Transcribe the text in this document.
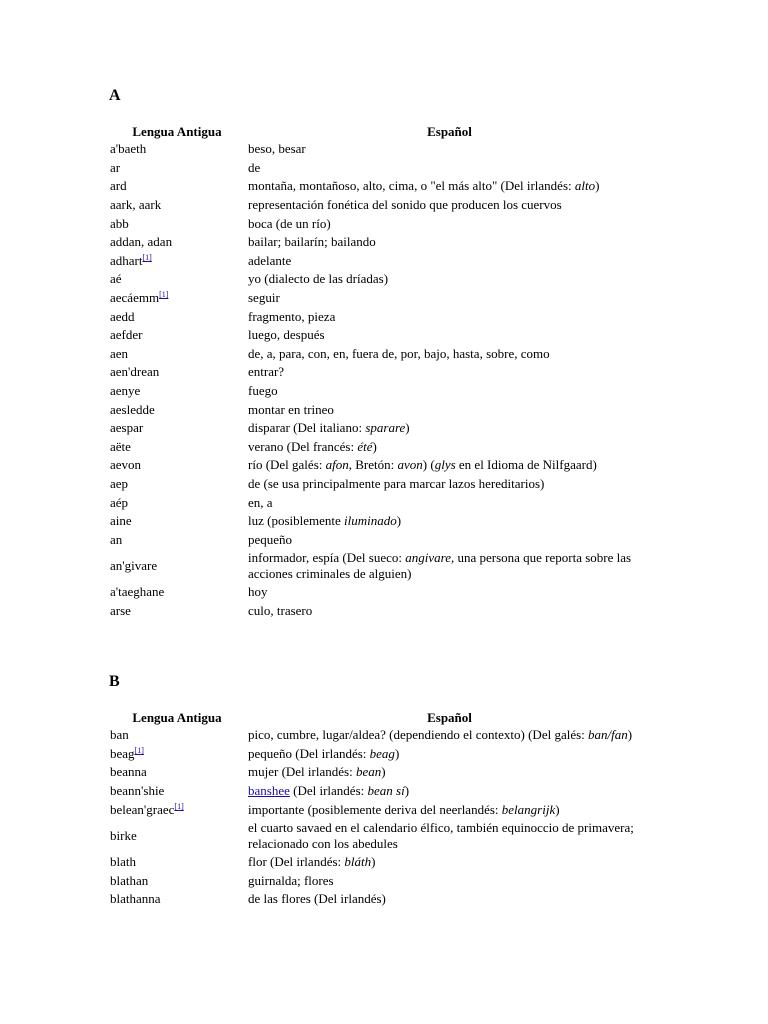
A
Lengua Antigua	Español
a'baeth	beso, besar
ar	de
ard	montaña, montañoso, alto, cima, o "el más alto" (Del irlandés: alto)
aark, aark	representación fonética del sonido que producen los cuervos
abb	boca (de un río)
addan, adan	bailar; bailarín; bailando
adhart[1]	adelante
aé	yo (dialecto de las dríadas)
aecáemm[1]	seguir
aedd	fragmento, pieza
aefder	luego, después
aen	de, a, para, con, en, fuera de, por, bajo, hasta, sobre, como
aen'drean	entrar?
aenye	fuego
aesledde	montar en trineo
aespar	disparar (Del italiano: sparare)
aëte	verano (Del francés: été)
aevon	río (Del galés: afon, Bretón: avon) (glys en el Idioma de Nilfgaard)
aep	de (se usa principalmente para marcar lazos hereditarios)
aép	en, a
aine	luz (posiblemente iluminado)
an	pequeño
an'givare	informador, espía (Del sueco: angivare, una persona que reporta sobre las acciones criminales de alguien)
a'taeghane	hoy
arse	culo, trasero
B
Lengua Antigua	Español
ban	pico, cumbre, lugar/aldea? (dependiendo el contexto) (Del galés: ban/fan)
beag[1]	pequeño (Del irlandés: beag)
beanna	mujer (Del irlandés: bean)
beann'shie	banshee (Del irlandés: bean sí)
belean'graec[1]	importante (posiblemente deriva del neerlandés: belangrijk)
birke	el cuarto savaed en el calendario élfico, también equinoccio de primavera; relacionado con los abedules
blath	flor (Del irlandés: bláth)
blathan	guirnalda; flores
blathanna	de las flores (Del irlandés)
